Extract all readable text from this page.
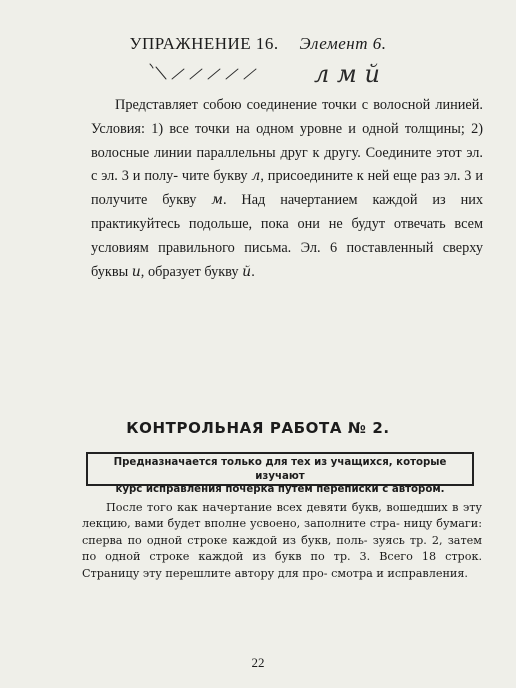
УПРАЖНЕНИЕ 16. Элемент 6.
л м й
Представляет собою соединение точки с волосной линией. Условия: 1) все точки на одном уровне и одной толщины; 2) волосные линии параллельны друг к другу. Соедините этот эл. с эл. 3 и полу- чите букву л, присоедините к ней еще раз эл. 3 и получите букву м. Над начертанием каждой из них практикуйтесь подольше, пока они не будут отвечать всем условиям правильного письма. Эл. 6 поставленный сверху буквы и, образует букву й.
КОНТРОЛЬНАЯ РАБОТА № 2.
Предназначается только для тех из учащихся, которые изучают
курс исправления почерка путем переписки с автором.
После того как начертание всех девяти букв, вошедших в эту лекцию, вами будет вполне усвоено, заполните стра- ницу бумаги: сперва по одной строке каждой из букв, поль- зуясь тр. 2, затем по одной строке каждой из букв по тр. 3. Всего 18 строк. Страницу эту перешлите автору для про- смотра и исправления.
22
